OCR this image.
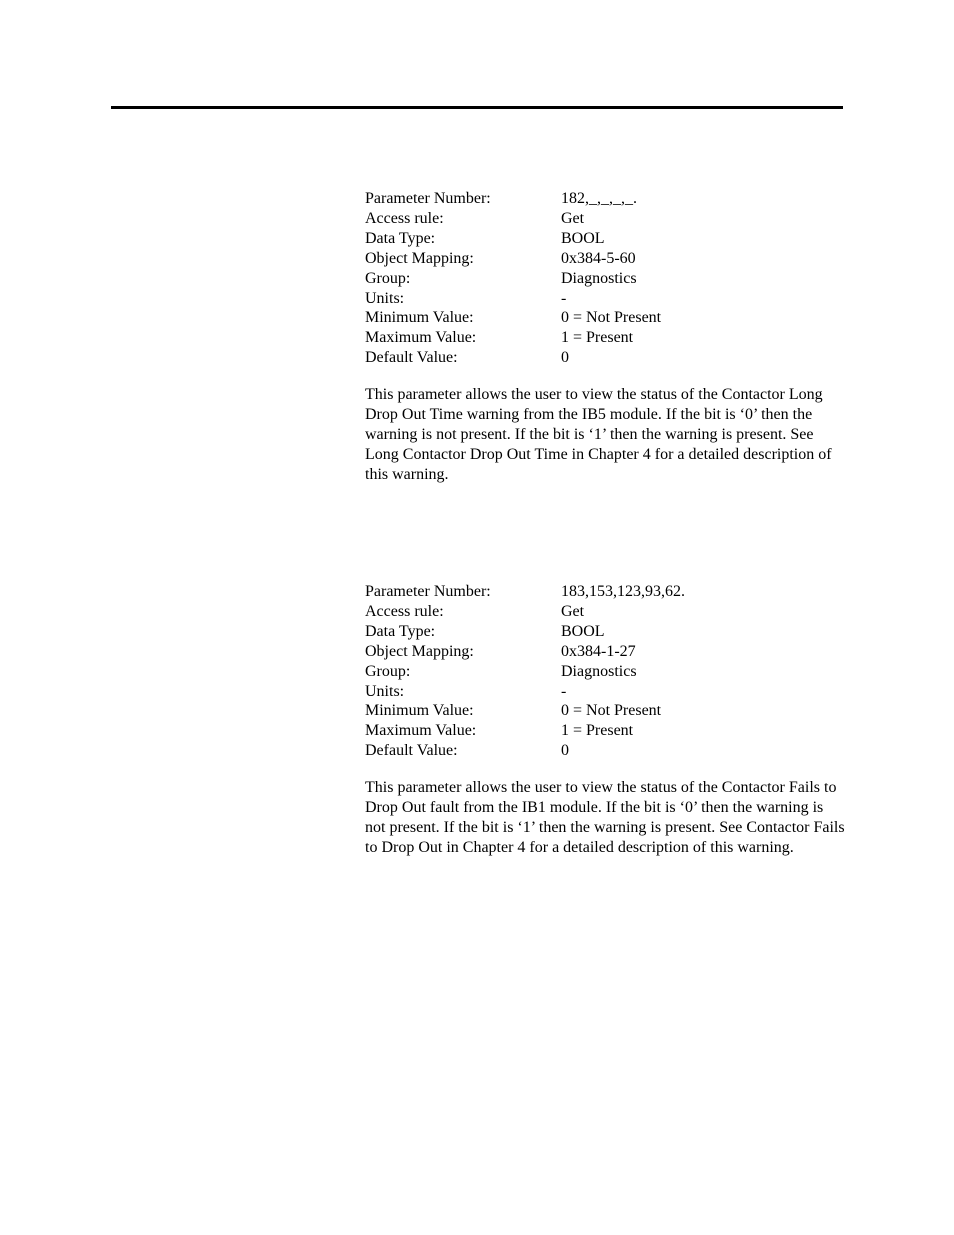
Parameter Number:	182,_,_,_,_.
Access rule:	Get
Data Type:	BOOL
Object Mapping:	0x384-5-60
Group:	Diagnostics
Units:	-
Minimum Value:	0 = Not Present
Maximum Value:	1 = Present
Default Value:	0

This parameter allows the user to view the status of the Contactor Long Drop Out Time warning from the IB5 module. If the bit is ‘0’ then the warning is not present. If the bit is ‘1’ then the warning is present. See Long Contactor Drop Out Time in Chapter 4 for a detailed description of this warning.

Parameter Number:	183,153,123,93,62.
Access rule:	Get
Data Type:	BOOL
Object Mapping:	0x384-1-27
Group:	Diagnostics
Units:	-
Minimum Value:	0 = Not Present
Maximum Value:	1 = Present
Default Value:	0

This parameter allows the user to view the status of the Contactor Fails to Drop Out fault from the IB1 module. If the bit is ‘0’ then the warning is not present. If the bit is ‘1’ then the warning is present. See Contactor Fails to Drop Out in Chapter 4 for a detailed description of this warning.
